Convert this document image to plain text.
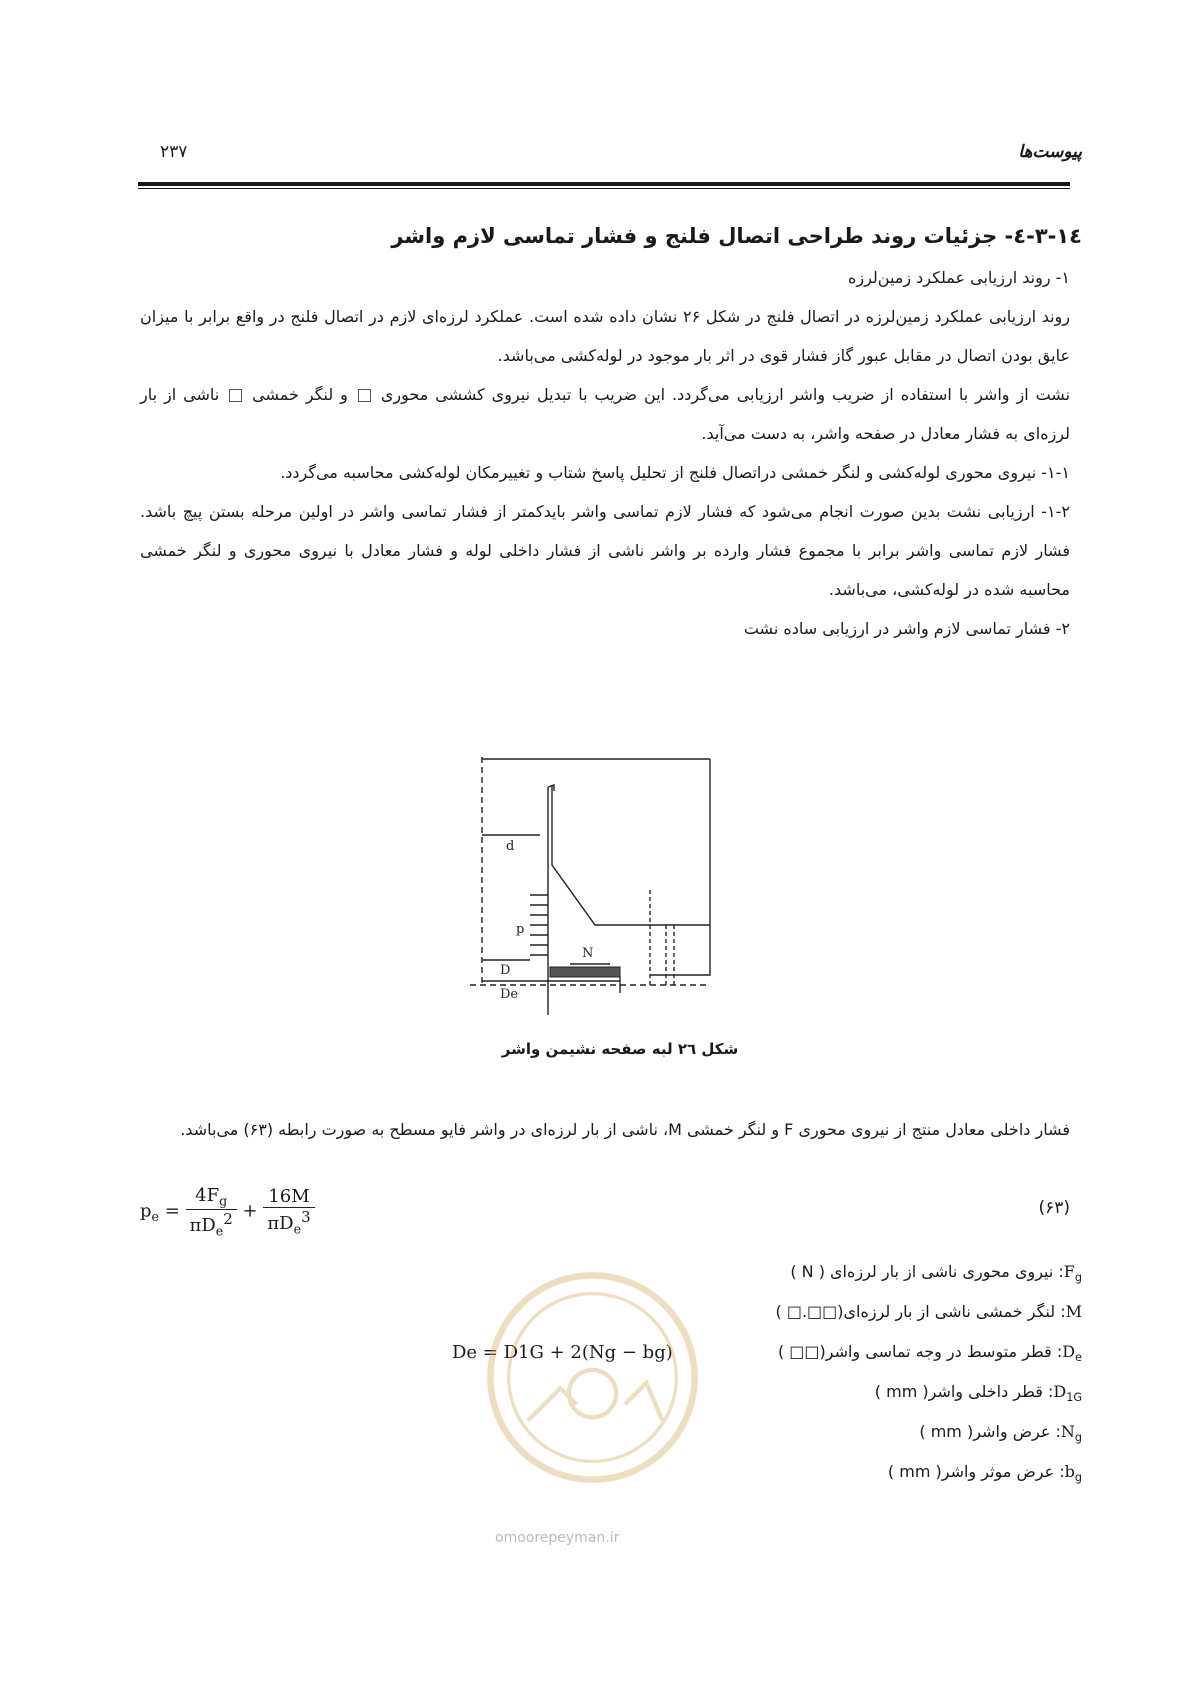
۲۳۷	پیوست‌ها
۳-۱٤-٤- جزئیات روند طراحی اتصال فلنج و فشار تماسی لازم واشر

۱- روند ارزیابی عملکرد زمین‌لرزه

روند ارزیابی عملکرد زمین‌لرزه در اتصال فلنج در شکل ۲۶ نشان داده شده است. عملکرد لرزه‌ای لازم در اتصال فلنج در واقع برابر با میزان عایق بودن اتصال در مقابل عبور گاز فشار قوی در اثر بار موجود در لوله‌کشی می‌باشد.

نشت از واشر با استفاده از ضریب واشر ارزیابی می‌گردد. این ضریب با تبدیل نیروی کششی محوری  و لنگر خمشی  ناشی از بار لرزه‌ای به فشار معادل در صفحه واشر، به دست می‌آید.

۱-۱- نیروی محوری لوله‌کشی و لنگر خمشی دراتصال فلنج از تحلیل پاسخ شتاب و تغییرمکان لوله‌کشی محاسبه می‌گردد.

۱-۲- ارزیابی نشت بدین صورت انجام می‌شود که فشار لازم تماسی واشر بایدکمتر از فشار تماسی واشر در اولین مرحله بستن پیچ باشد. فشار لازم تماسی واشر برابر با مجموع فشار وارده بر واشر ناشی از فشار داخلی لوله و فشار معادل با نیروی محوری و لنگر خمشی محاسبه شده در لوله‌کشی، می‌باشد.

۲- فشار تماسی لازم واشر در ارزیابی ساده نشت

d
p
N
D
De
شکل ۲٦ لبه صفحه نشیمن واشر

فشار داخلی معادل منتج از نیروی محوری F و لنگر خمشی M، ناشی از بار لرزه‌ای در واشر فایو مسطح به صورت رابطه (۶۳) می‌باشد.

$p_e = \frac{4F_g}{\pi D_e^2} + \frac{16M}{\pi D_e^3}$	(۶۳)
$F_g$: نیروی محوری ناشی از بار لرزه‌ای ( N )
M: لنگر خمشی ناشی از بار لرزه‌ای(□□.□ )
$D_e$: قطر متوسط در وجه تماسی واشر(□□ )
$D_{1G}$: قطر داخلی واشر( mm )
$N_g$: عرض واشر( mm )
$b_g$: عرض موثر واشر( mm )
De = D1G + 2(Ng − bg)
omoorepeyman.ir
